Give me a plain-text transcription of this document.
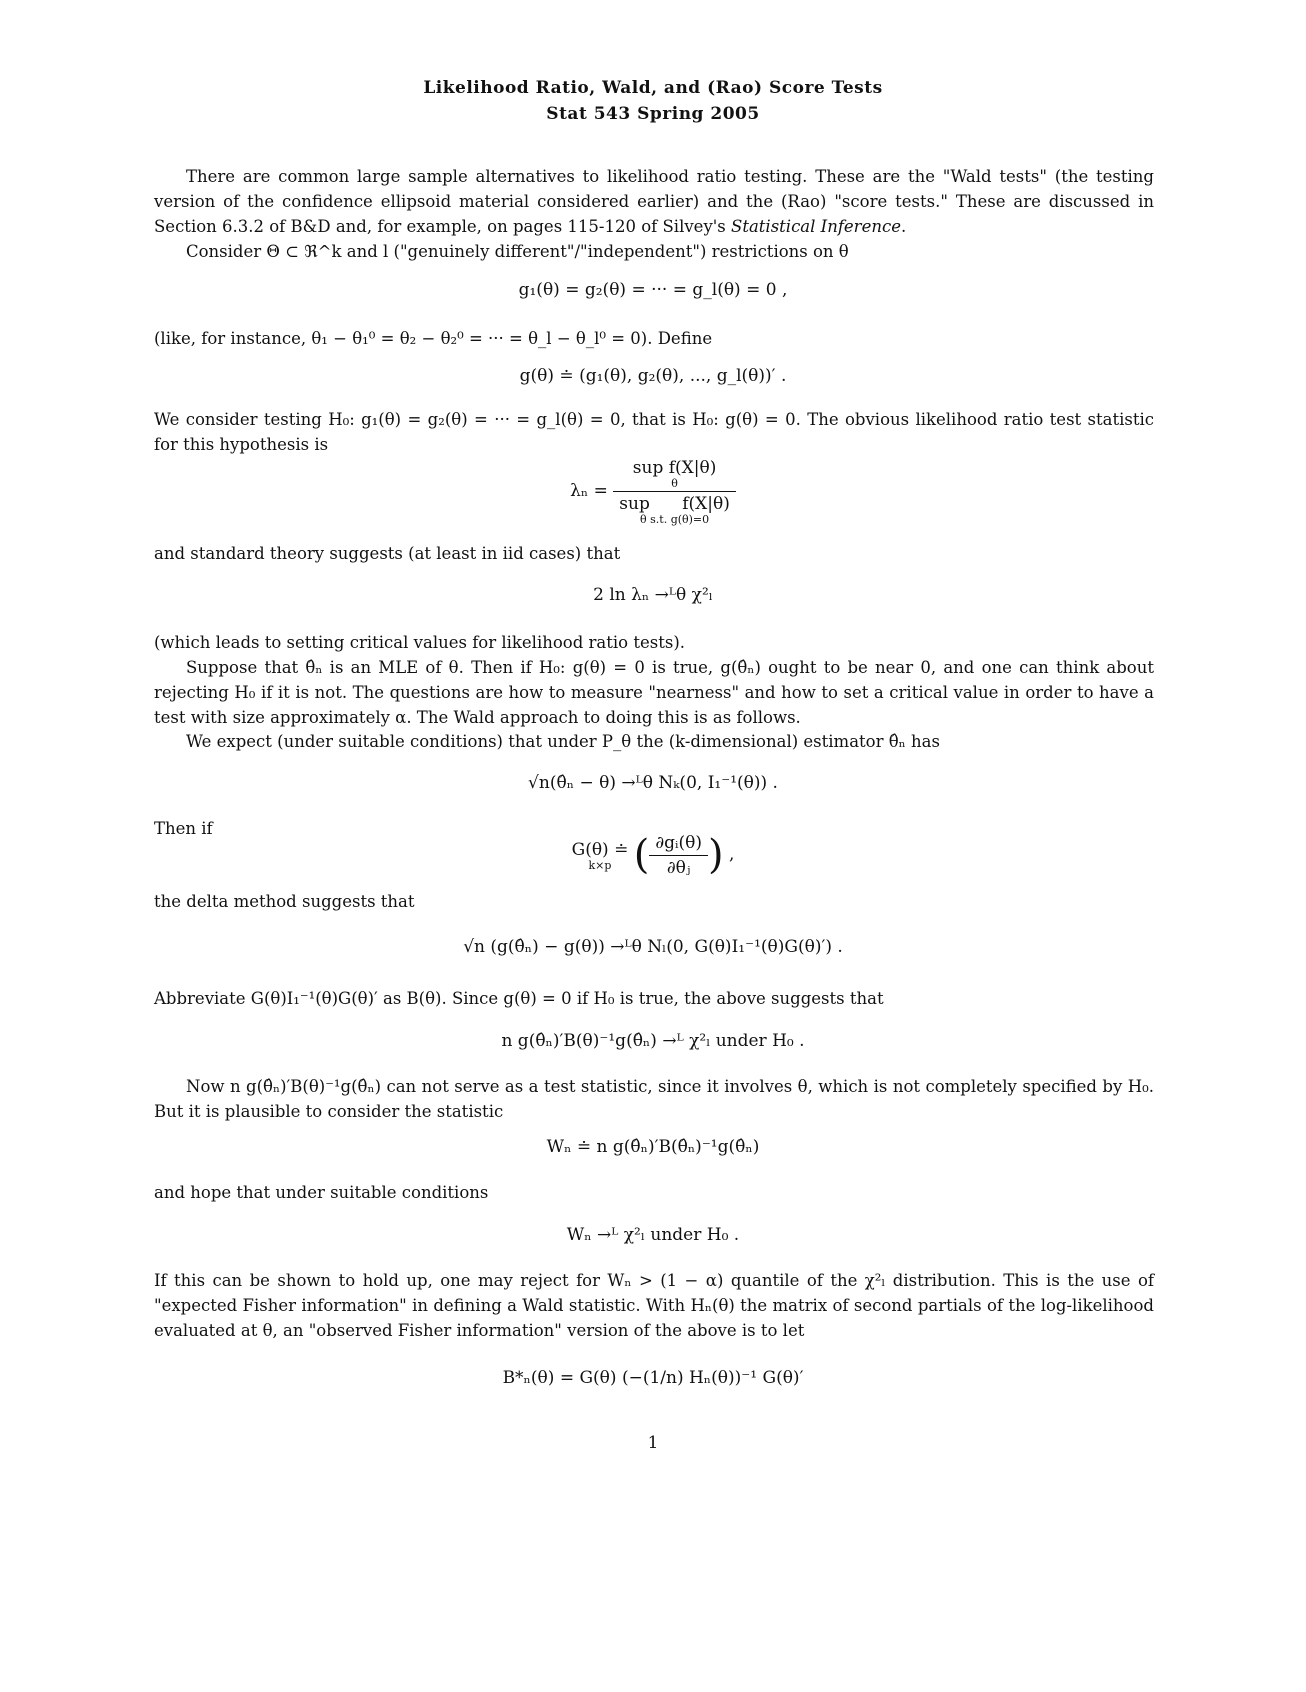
Likelihood Ratio, Wald, and (Rao) Score Tests
Stat 543 Spring 2005
There are common large sample alternatives to likelihood ratio testing. These are the "Wald tests" (the testing version of the confidence ellipsoid material considered earlier) and the (Rao) "score tests." These are discussed in Section 6.3.2 of B&D and, for example, on pages 115-120 of Silvey's Statistical Inference.
Consider Θ ⊂ ℜ^k and l ("genuinely different"/"independent") restrictions on θ
g₁(θ) = g₂(θ) = ··· = g_l(θ) = 0 ,
(like, for instance, θ₁ − θ₁⁰ = θ₂ − θ₂⁰ = ··· = θ_l − θ_l⁰ = 0). Define
g(θ) ≐ (g₁(θ), g₂(θ), ..., g_l(θ))′ .
We consider testing H₀: g₁(θ) = g₂(θ) = ··· = g_l(θ) = 0, that is H₀: g(θ) = 0. The obvious likelihood ratio test statistic for this hypothesis is
λₙ = sup f(X|θ)
θ
sup      f(X|θ)
θ s.t. g(θ)=0
and standard theory suggests (at least in iid cases) that
2 ln λₙ →ᴸθ χ²ₗ
(which leads to setting critical values for likelihood ratio tests).
Suppose that θ̂ₙ is an MLE of θ. Then if H₀: g(θ) = 0 is true, g(θ̂ₙ) ought to be near 0, and one can think about rejecting H₀ if it is not. The questions are how to measure "nearness" and how to set a critical value in order to have a test with size approximately α. The Wald approach to doing this is as follows.
We expect (under suitable conditions) that under P_θ the (k-dimensional) estimator θ̂ₙ has
√n(θ̂ₙ − θ) →ᴸθ Nₖ(0, I₁⁻¹(θ)) .
Then if
G(θ) ≐
k×p ( $\frac{\text{∂gᵢ(θ)}}{\text{∂θⱼ}}$ ) ,
the delta method suggests that
√n (g(θ̂ₙ) − g(θ)) →ᴸθ Nₗ(0, G(θ)I₁⁻¹(θ)G(θ)′) .
Abbreviate G(θ)I₁⁻¹(θ)G(θ)′ as B(θ). Since g(θ) = 0 if H₀ is true, the above suggests that
n g(θ̂ₙ)′B(θ)⁻¹g(θ̂ₙ) →ᴸ χ²ₗ under H₀ .
Now n g(θ̂ₙ)′B(θ)⁻¹g(θ̂ₙ) can not serve as a test statistic, since it involves θ, which is not completely specified by H₀. But it is plausible to consider the statistic
Wₙ ≐ n g(θ̂ₙ)′B(θ̂ₙ)⁻¹g(θ̂ₙ)
and hope that under suitable conditions
Wₙ →ᴸ χ²ₗ under H₀ .
If this can be shown to hold up, one may reject for Wₙ > (1 − α) quantile of the χ²ₗ distribution. This is the use of "expected Fisher information" in defining a Wald statistic. With Hₙ(θ) the matrix of second partials of the log-likelihood evaluated at θ, an "observed Fisher information" version of the above is to let
B*ₙ(θ) = G(θ) (−(1/n) Hₙ(θ))⁻¹ G(θ)′
1
